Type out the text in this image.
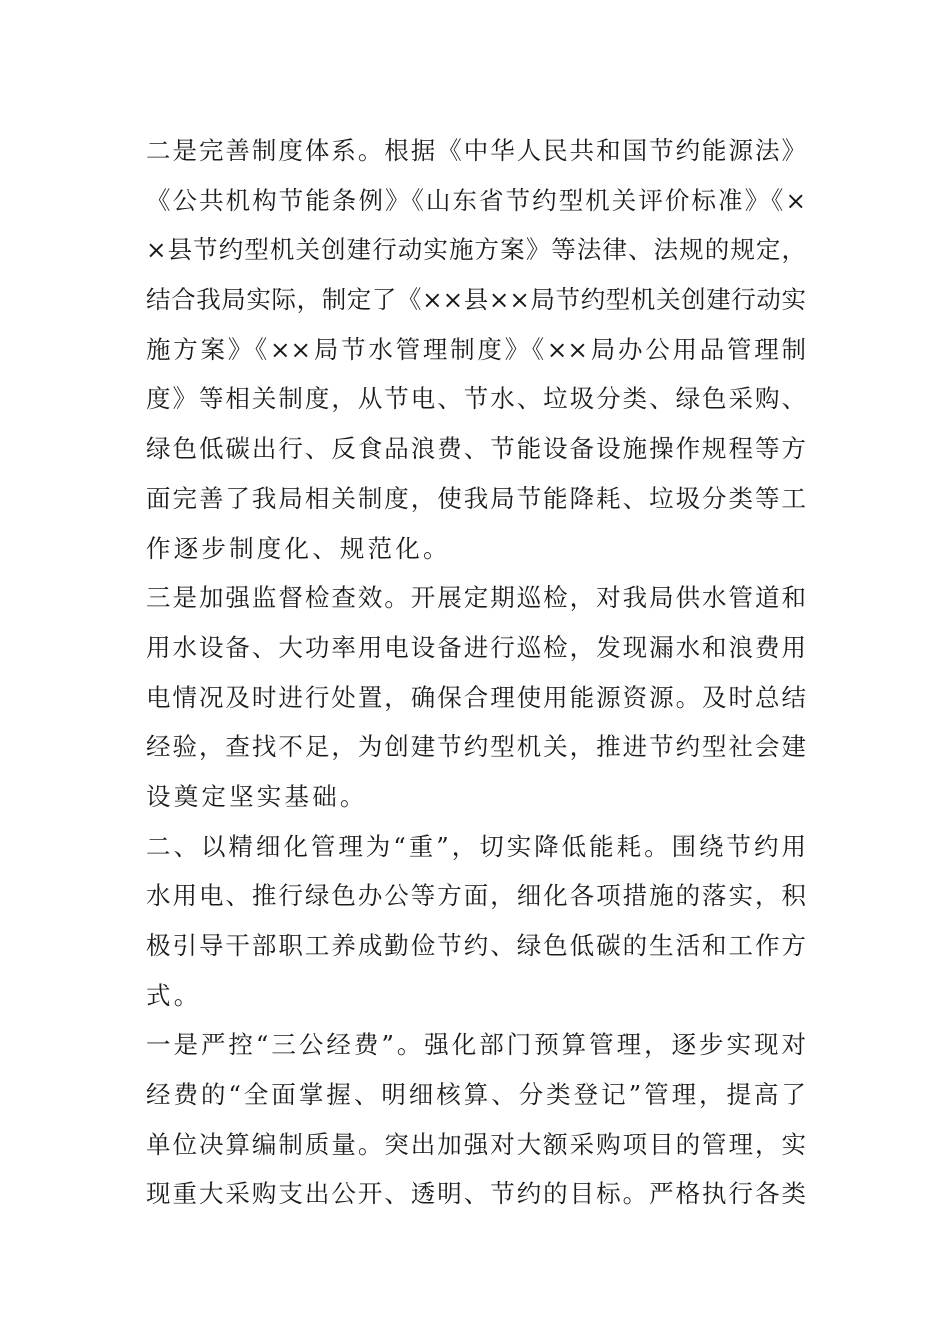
二是完善制度体系。根据《中华人民共和国节约能源法》
《公共机构节能条例》《山东省节约型机关评价标准》《×
×县节约型机关创建行动实施方案》等法律、法规的规定，
结合我局实际，制定了《××县××局节约型机关创建行动实
施方案》《××局节水管理制度》《××局办公用品管理制
度》等相关制度，从节电、节水、垃圾分类、绿色采购、
绿色低碳出行、反食品浪费、节能设备设施操作规程等方
面完善了我局相关制度，使我局节能降耗、垃圾分类等工
作逐步制度化、规范化。
三是加强监督检查效。开展定期巡检，对我局供水管道和
用水设备、大功率用电设备进行巡检，发现漏水和浪费用
电情况及时进行处置，确保合理使用能源资源。及时总结
经验，查找不足，为创建节约型机关，推进节约型社会建
设奠定坚实基础。
二、以精细化管理为“重”，切实降低能耗。围绕节约用
水用电、推行绿色办公等方面，细化各项措施的落实，积
极引导干部职工养成勤俭节约、绿色低碳的生活和工作方
式。
一是严控“三公经费”。强化部门预算管理，逐步实现对
经费的“全面掌握、明细核算、分类登记”管理，提高了
单位决算编制质量。突出加强对大额采购项目的管理，实
现重大采购支出公开、透明、节约的目标。严格执行各类
